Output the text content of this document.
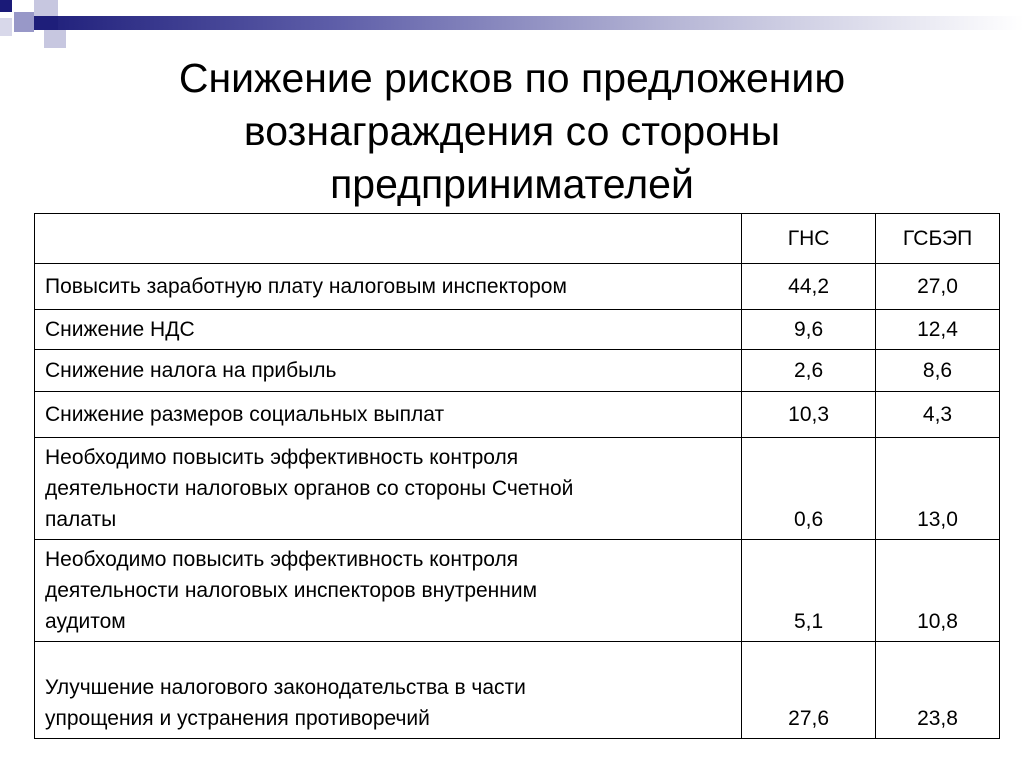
Снижение рисков по предложению
вознаграждения со стороны
предпринимателей
	ГНС	ГСБЭП

Повысить заработную плату налоговым инспектором	44,2	27,0

Снижение НДС	9,6	12,4

Снижение налога на прибыль	2,6	8,6

Снижение размеров социальных выплат	10,3	4,3

Необходимо повысить эффективность контроля
деятельности налоговых органов со стороны Счетной
палаты	0,6	13,0

Необходимо повысить эффективность контроля
деятельности налоговых инспекторов внутренним
аудитом	5,1	10,8

Улучшение налогового законодательства в части
упрощения и устранения противоречий	27,6	23,8
